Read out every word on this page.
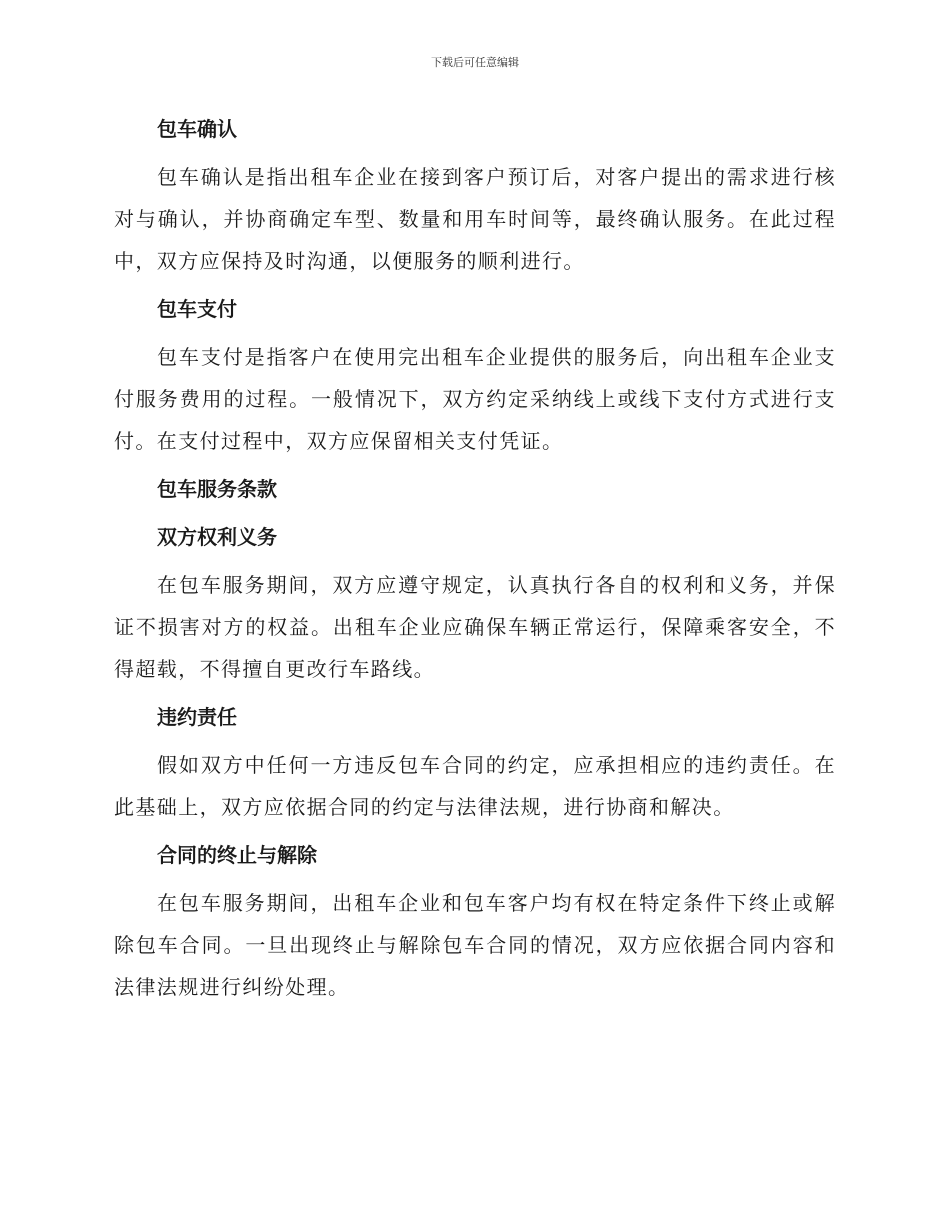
下载后可任意编辑
包车确认

包车确认是指出租车企业在接到客户预订后，对客户提出的需求进行核对与确认，并协商确定车型、数量和用车时间等，最终确认服务。在此过程中，双方应保持及时沟通，以便服务的顺利进行。

包车支付

包车支付是指客户在使用完出租车企业提供的服务后，向出租车企业支付服务费用的过程。一般情况下，双方约定采纳线上或线下支付方式进行支付。在支付过程中，双方应保留相关支付凭证。

包车服务条款
双方权利义务

在包车服务期间，双方应遵守规定，认真执行各自的权利和义务，并保证不损害对方的权益。出租车企业应确保车辆正常运行，保障乘客安全，不得超载，不得擅自更改行车路线。

违约责任

假如双方中任何一方违反包车合同的约定，应承担相应的违约责任。在此基础上，双方应依据合同的约定与法律法规，进行协商和解决。

合同的终止与解除

在包车服务期间，出租车企业和包车客户均有权在特定条件下终止或解除包车合同。一旦出现终止与解除包车合同的情况，双方应依据合同内容和法律法规进行纠纷处理。
